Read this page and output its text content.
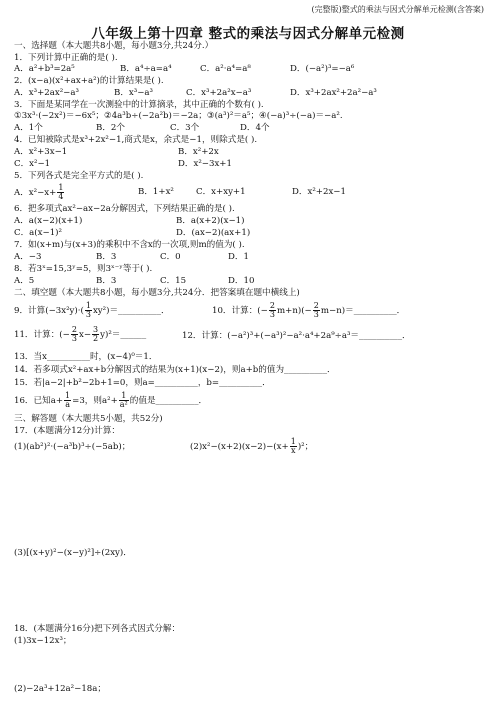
(完整版)整式的乘法与因式分解单元检测(含答案)
八年级上第十四章 整式的乘法与因式分解单元检测
一、选择题（本大题共8小题，每小题3分,共24分.）
1．下列计算中正确的是( ).
A．a²+b³=2a⁵	B．a⁴÷a=a⁴	C．a²·a⁴=a⁸	D．(−a²)³=−a⁶
2．(x−a)(x²+ax+a²)的计算结果是( ).
A．x³+2ax²−a³	B．x³−a³	C．x³+2a²x−a³	D．x³+2ax²+2a²−a³
3．下面是某同学在一次测验中的计算摘录，其中正确的个数有( ).
①3x³·(−2x²)＝−6x⁵；②4a³b÷(−2a²b)＝−2a；③(a³)²＝a⁵；④(−a)³÷(−a)＝−a².
A．1个	B．2个	C．3个	D．4个
4．已知被除式是x³+2x²−1,商式是x，余式是−1，则除式是( ).
A．x²+3x−1	B．x²+2x
C．x²−1	D．x²−3x+1
5．下列各式是完全平方式的是( ).
A．$x^2-x+ \frac{1}{4}$	B．1+x²	C．x+xy+1	D．x²+2x−1
6．把多项式ax²−ax−2a分解因式，下列结果正确的是( ).
A．a(x−2)(x+1)	B．a(x+2)(x−1)
C．a(x−1)²	D．(ax−2)(ax+1)
7．如(x+m)与(x+3)的乘积中不含x的一次项,则m的值为( ).
A．−3	B．3	C．0	D．1
8．若3ˣ=15,3ʸ=5，则3ˣ⁻ʸ等于( ).
A．5	B．3	C．15	D．10
二、填空题（本大题共8小题，每小题3分,共24分．把答案填在题中横线上)
9．计算$(-3x^2y)\cdot( \frac{1}{3}$ xy²)＝__________．	10．计算：(− $\frac{2}{3} m+n)(- \frac{2}{3}$ m−n)＝__________．
11．计算：(− $\frac{2}{3} x- \frac{3}{2}$ y)²＝______	12．计算：(−a²)³+(−a³)²−a²·a⁴+2a⁹÷a³＝__________．
13．当x__________时，(x−4)⁰＝1．
14．若多项式x²+ax+b分解因式的结果为(x+1)(x−2)，则a+b的值为__________．
15．若|a−2|+b²−2b+1=0，则a=__________，b=__________．
16．已知$a+ \frac{1}{a} =3$，则$a^2+ \frac{1}{\text{a²}}$ 的值是__________．
三、解答题（本大题共5小题，共52分)
17．(本题满分12分)计算：
(1)(ab²)²·(−a³b)³÷(−5ab)；	$(2)x^2-(x+2)(x-2)-(x+ \frac{1}{x} )^2$；
(3)[(x+y)²−(x−y)²]÷(2xy)．
18．(本题满分16分)把下列各式因式分解：
(1)3x−12x³；
(2)−2a³+12a²−18a；
